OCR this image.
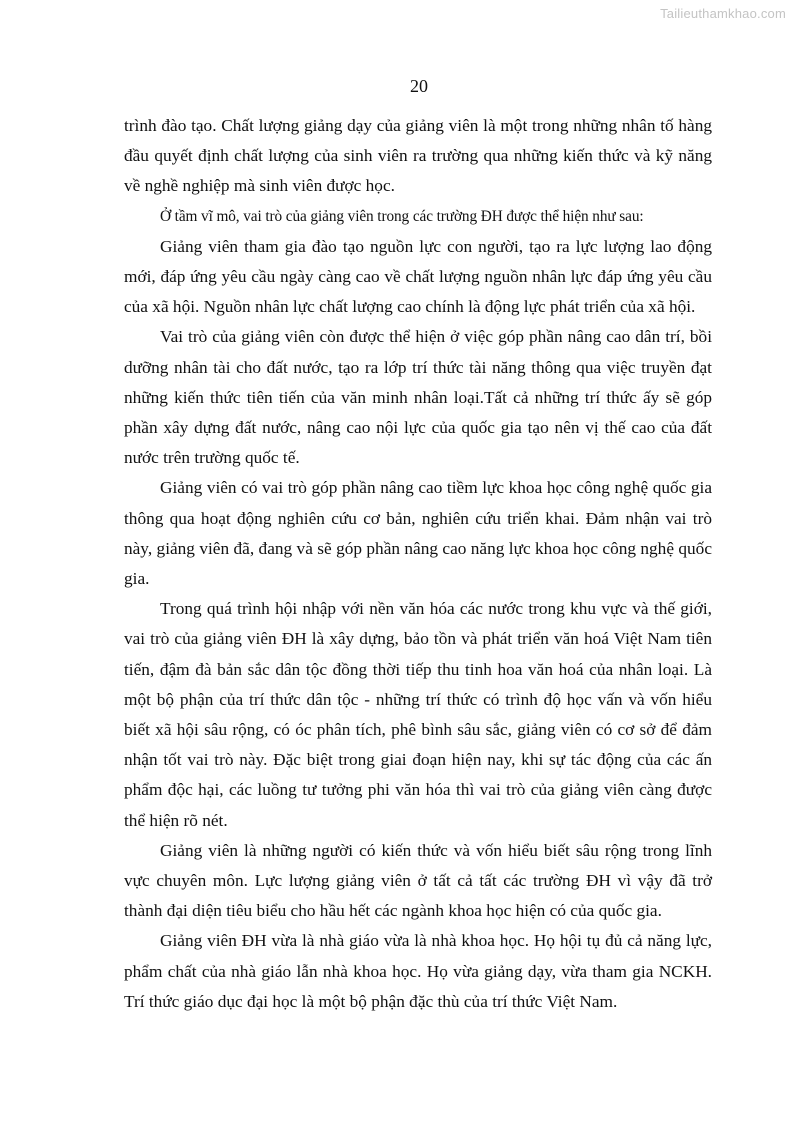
Tailieuthamkhao.com
20

trình đào tạo. Chất lượng giảng dạy của giảng viên là một trong những nhân tố hàng đầu quyết định chất lượng của sinh viên ra trường qua những kiến thức và kỹ năng về nghề nghiệp mà sinh viên được học.

Ở tầm vĩ mô, vai trò của giảng viên trong các trường ĐH được thể hiện như sau:

Giảng viên tham gia đào tạo nguồn lực con người, tạo ra lực lượng lao động mới, đáp ứng yêu cầu ngày càng cao về chất lượng nguồn nhân lực đáp ứng yêu cầu của xã hội. Nguồn nhân lực chất lượng cao chính là động lực phát triển của xã hội.

Vai trò của giảng viên còn được thể hiện ở việc góp phần nâng cao dân trí, bồi dưỡng nhân tài cho đất nước, tạo ra lớp trí thức tài năng thông qua việc truyền đạt những kiến thức tiên tiến của văn minh nhân loại.Tất cả những trí thức ấy sẽ góp phần xây dựng đất nước, nâng cao nội lực của quốc gia tạo nên vị thế cao của đất nước trên trường quốc tế.

Giảng viên có vai trò góp phần nâng cao tiềm lực khoa học công nghệ quốc gia thông qua hoạt động nghiên cứu cơ bản, nghiên cứu triển khai. Đảm nhận vai trò này, giảng viên đã, đang và sẽ góp phần nâng cao năng lực khoa học công nghệ quốc gia.

Trong quá trình hội nhập với nền văn hóa các nước trong khu vực và thế giới, vai trò của giảng viên ĐH là xây dựng, bảo tồn và phát triển văn hoá Việt Nam tiên tiến, đậm đà bản sắc dân tộc đồng thời tiếp thu tinh hoa văn hoá của nhân loại. Là một bộ phận của trí thức dân tộc - những trí thức có trình độ học vấn và vốn hiểu biết xã hội sâu rộng, có óc phân tích, phê bình sâu sắc, giảng viên có cơ sở để đảm nhận tốt vai trò này. Đặc biệt trong giai đoạn hiện nay, khi sự tác động của các ấn phẩm độc hại, các luồng tư tưởng phi văn hóa thì vai trò của giảng viên càng được thể hiện rõ nét.

Giảng viên là những người có kiến thức và vốn hiểu biết sâu rộng trong lĩnh vực chuyên môn. Lực lượng giảng viên ở tất cả tất các trường ĐH vì vậy đã trở thành đại diện tiêu biểu cho hầu hết các ngành khoa học hiện có của quốc gia.

Giảng viên ĐH vừa là nhà giáo vừa là nhà khoa học. Họ hội tụ đủ cả năng lực, phẩm chất của nhà giáo lẫn nhà khoa học. Họ vừa giảng dạy, vừa tham gia NCKH. Trí thức giáo dục đại học là một bộ phận đặc thù của trí thức Việt Nam.
